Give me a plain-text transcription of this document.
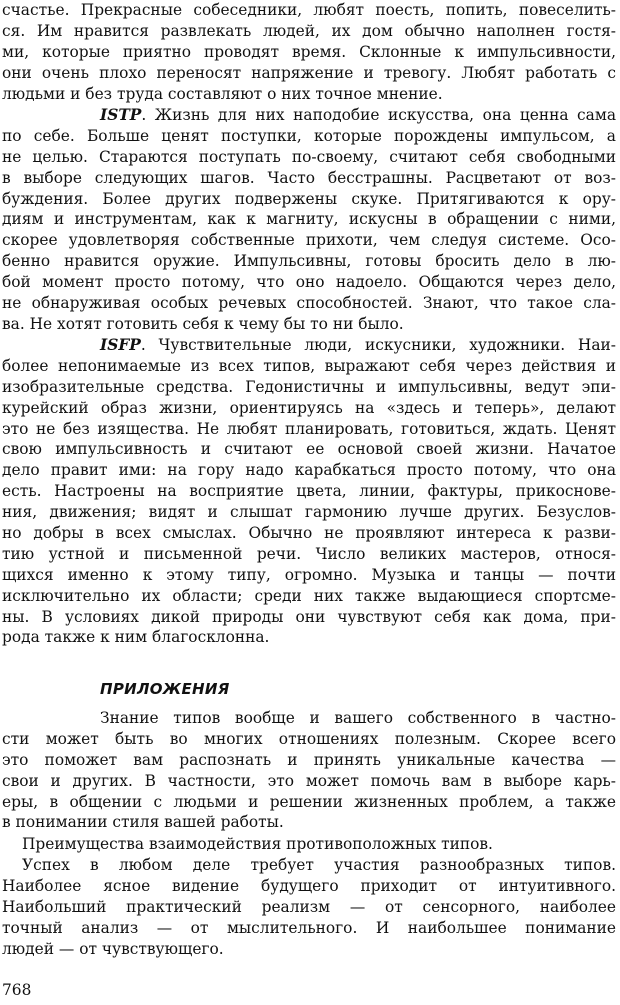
счастье. Прекрасные собеседники, любят поесть, попить, повеселить-
ся. Им нравится развлекать людей, их дом обычно наполнен гостя-
ми, которые приятно проводят время. Склонные к импульсивности,
они очень плохо переносят напряжение и тревогу. Любят работать с
людьми и без труда составляют о них точное мнение.
ISTP. Жизнь для них наподобие искусства, она ценна сама
по себе. Больше ценят поступки, которые порождены импульсом, а
не целью. Стараются поступать по-своему, считают себя свободными
в выборе следующих шагов. Часто бесстрашны. Расцветают от воз-
буждения. Более других подвержены скуке. Притягиваются к ору-
диям и инструментам, как к магниту, искусны в обращении с ними,
скорее удовлетворяя собственные прихоти, чем следуя системе. Осо-
бенно нравится оружие. Импульсивны, готовы бросить дело в лю-
бой момент просто потому, что оно надоело. Общаются через дело,
не обнаруживая особых речевых способностей. Знают, что такое сла-
ва. Не хотят готовить себя к чему бы то ни было.
ISFP. Чувствительные люди, искусники, художники. Наи-
более непонимаемые из всех типов, выражают себя через действия и
изобразительные средства. Гедонистичны и импульсивны, ведут эпи-
курейский образ жизни, ориентируясь на «здесь и теперь», делают
это не без изящества. Не любят планировать, готовиться, ждать. Ценят
свою импульсивность и считают ее основой своей жизни. Начатое
дело правит ими: на гору надо карабкаться просто потому, что она
есть. Настроены на восприятие цвета, линии, фактуры, прикоснове-
ния, движения; видят и слышат гармонию лучше других. Безуслов-
но добры в всех смыслах. Обычно не проявляют интереса к разви-
тию устной и письменной речи. Число великих мастеров, относя-
щихся именно к этому типу, огромно. Музыка и танцы — почти
исключительно их области; среди них также выдающиеся спортсме-
ны. В условиях дикой природы они чувствуют себя как дома, при-
рода также к ним благосклонна.
ПРИЛОЖЕНИЯ
Знание типов вообще и вашего собственного в частно-
сти может быть во многих отношениях полезным. Скорее всего
это поможет вам распознать и принять уникальные качества —
свои и других. В частности, это может помочь вам в выборе карь-
еры, в общении с людьми и решении жизненных проблем, а также
в понимании стиля вашей работы.
Преимущества взаимодействия противоположных типов.
Успех в любом деле требует участия разнообразных типов.
Наиболее ясное видение будущего приходит от интуитивного.
Наибольший практический реализм — от сенсорного, наиболее
точный анализ — от мыслительного. И наибольшее понимание
людей — от чувствующего.
768
